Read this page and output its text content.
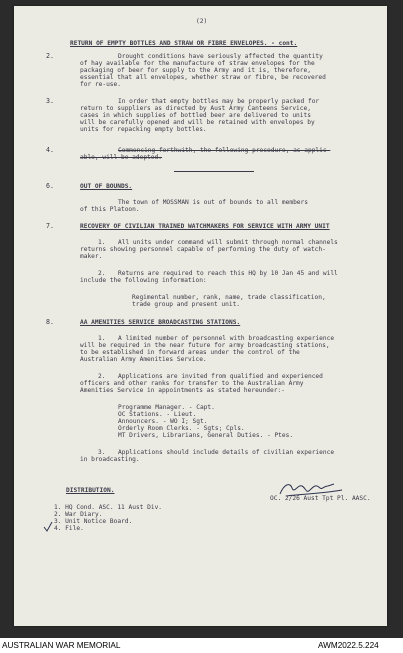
(2)
RETURN OF EMPTY BOTTLES AND STRAW OR FIBRE ENVELOPES. - cont.
2.	Drought conditions have seriously affected the quantity
of hay available for the manufacture of straw envelopes for the
packaging of beer for supply to the Army and it is, therefore,
essential that all envelopes, whether straw or fibre, be recovered
for re-use.
3.	In order that empty bottles may be properly packed for
return to suppliers as directed by Aust Army Canteens Service,
cases in which supplies of bottled beer are delivered to units
will be carefully opened and will be retained with envelopes by
units for repacking empty bottles.
4.	Commencing forthwith, the following procedure, as applic-
able, will be adopted.
6.	OUT OF BOUNDS.
The town of MOSSMAN is out of bounds to all members
of this Platoon.
7.	RECOVERY OF CIVILIAN TRAINED WATCHMAKERS FOR SERVICE WITH ARMY UNIT
1. All units under command will submit through normal channels
returns showing personnel capable of performing the duty of watch-
maker.
2. Returns are required to reach this HQ by 10 Jan 45 and will
include the following information:
Regimental number, rank, name, trade classification,
trade group and present unit.
8.	AA AMENITIES SERVICE BROADCASTING STATIONS.
1. A limited number of personnel with broadcasting experience
will be required in the near future for army broadcasting stations,
to be established in forward areas under the control of the
Australian Army Amenities Service.
2. Applications are invited from qualified and experienced
officers and other ranks for transfer to the Australian Army
Amenities Service in appointments as stated hereunder:-
Programme Manager. - Capt.
OC Stations. - Lieut.
Announcers. - WO I; Sgt.
Orderly Room Clerks. - Sgts; Cpls.
MT Drivers, Librarians, General Duties. - Ptes.
3. Applications should include details of civilian experience
in broadcasting.
OC. 2/26 Aust Tpt Pl. AASC.
DISTRIBUTION.
1. HQ Cond. ASC. 11 Aust Div.
2. War Diary.
3. Unit Notice Board.
4. File.
AUSTRALIAN WAR MEMORIAL	AWM2022.5.224
